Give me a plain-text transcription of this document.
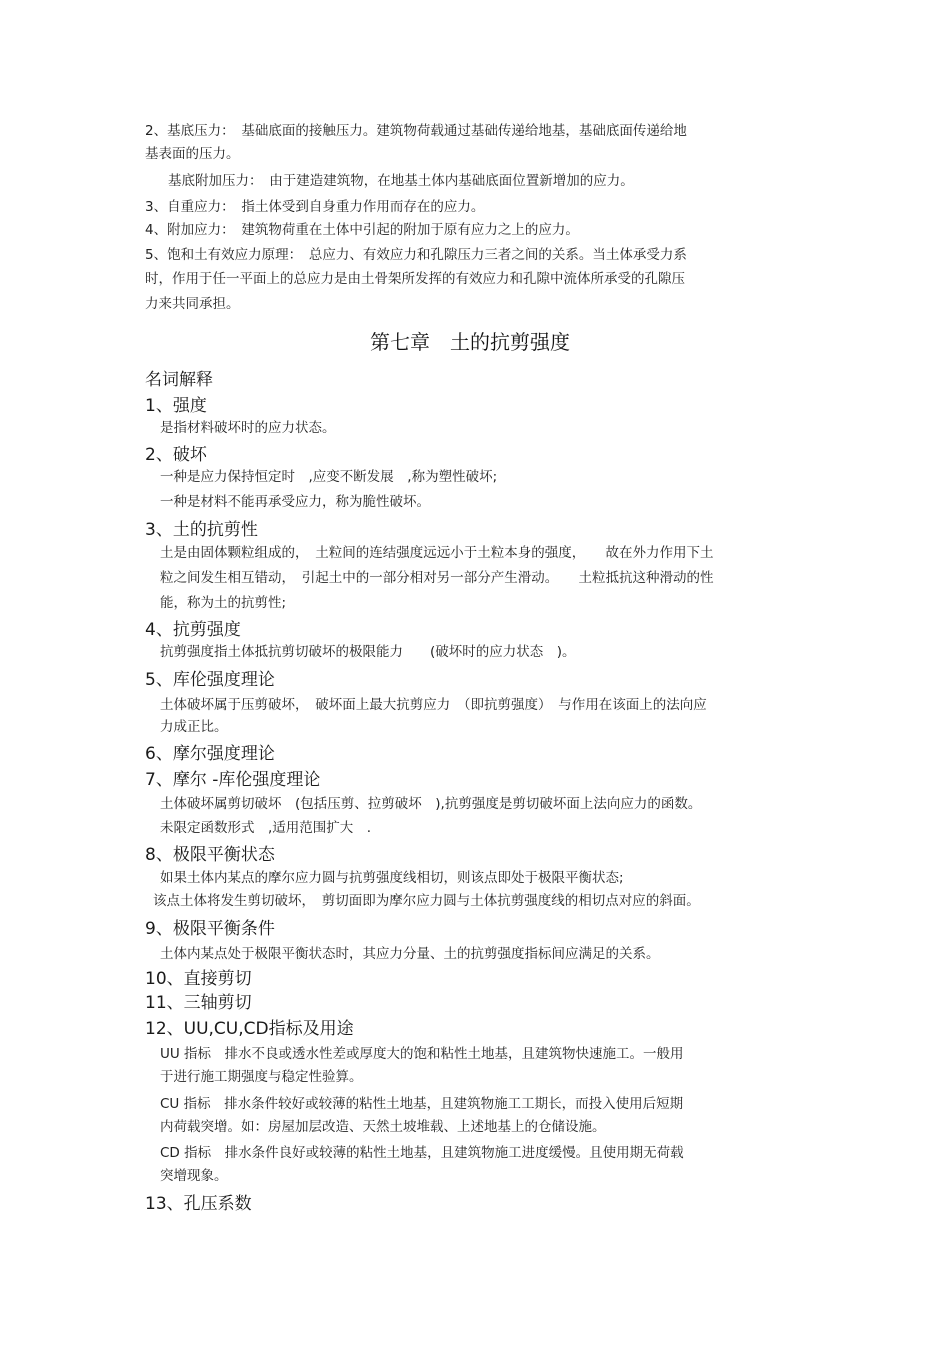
2、基底压力：　基础底面的接触压力。建筑物荷载通过基础传递给地基，基础底面传递给地
基表面的压力。
基底附加压力：　由于建造建筑物，在地基土体内基础底面位置新增加的应力。
3、自重应力：　指土体受到自身重力作用而存在的应力。
4、附加应力：　建筑物荷重在土体中引起的附加于原有应力之上的应力。
5、饱和土有效应力原理：　总应力、有效应力和孔隙压力三者之间的关系。当土体承受力系
时，作用于任一平面上的总应力是由土骨架所发挥的有效应力和孔隙中流体所承受的孔隙压
力来共同承担。
第七章　土的抗剪强度
名词解释
1、强度
是指材料破坏时的应力状态。
2、破坏
一种是应力保持恒定时　,应变不断发展　,称为塑性破坏;
一种是材料不能再承受应力，称为脆性破坏。
3、土的抗剪性
土是由固体颗粒组成的，　土粒间的连结强度远远小于土粒本身的强度，　　故在外力作用下土
粒之间发生相互错动，　引起土中的一部分相对另一部分产生滑动。　　土粒抵抗这种滑动的性
能，称为土的抗剪性;
4、抗剪强度
抗剪强度指土体抵抗剪切破坏的极限能力　　(破坏时的应力状态　)。
5、库伦强度理论
土体破坏属于压剪破坏，　破坏面上最大抗剪应力　（即抗剪强度）　与作用在该面上的法向应
力成正比。
6、摩尔强度理论
7、摩尔 -库伦强度理论
土体破坏属剪切破坏　(包括压剪、拉剪破坏　),抗剪强度是剪切破坏面上法向应力的函数。
未限定函数形式　,适用范围扩大　.
8、极限平衡状态
如果土体内某点的摩尔应力圆与抗剪强度线相切，则该点即处于极限平衡状态;
该点土体将发生剪切破坏，　剪切面即为摩尔应力圆与土体抗剪强度线的相切点对应的斜面。
9、极限平衡条件
土体内某点处于极限平衡状态时，其应力分量、土的抗剪强度指标间应满足的关系。
10、直接剪切
11、三轴剪切
12、UU,CU,CD指标及用途
UU 指标　排水不良或透水性差或厚度大的饱和粘性土地基，且建筑物快速施工。一般用
于进行施工期强度与稳定性验算。
CU 指标　排水条件较好或较薄的粘性土地基，且建筑物施工工期长，而投入使用后短期
内荷载突增。如：房屋加层改造、天然土坡堆载、上述地基上的仓储设施。
CD 指标　排水条件良好或较薄的粘性土地基，且建筑物施工进度缓慢。且使用期无荷载
突增现象。
13、孔压系数
